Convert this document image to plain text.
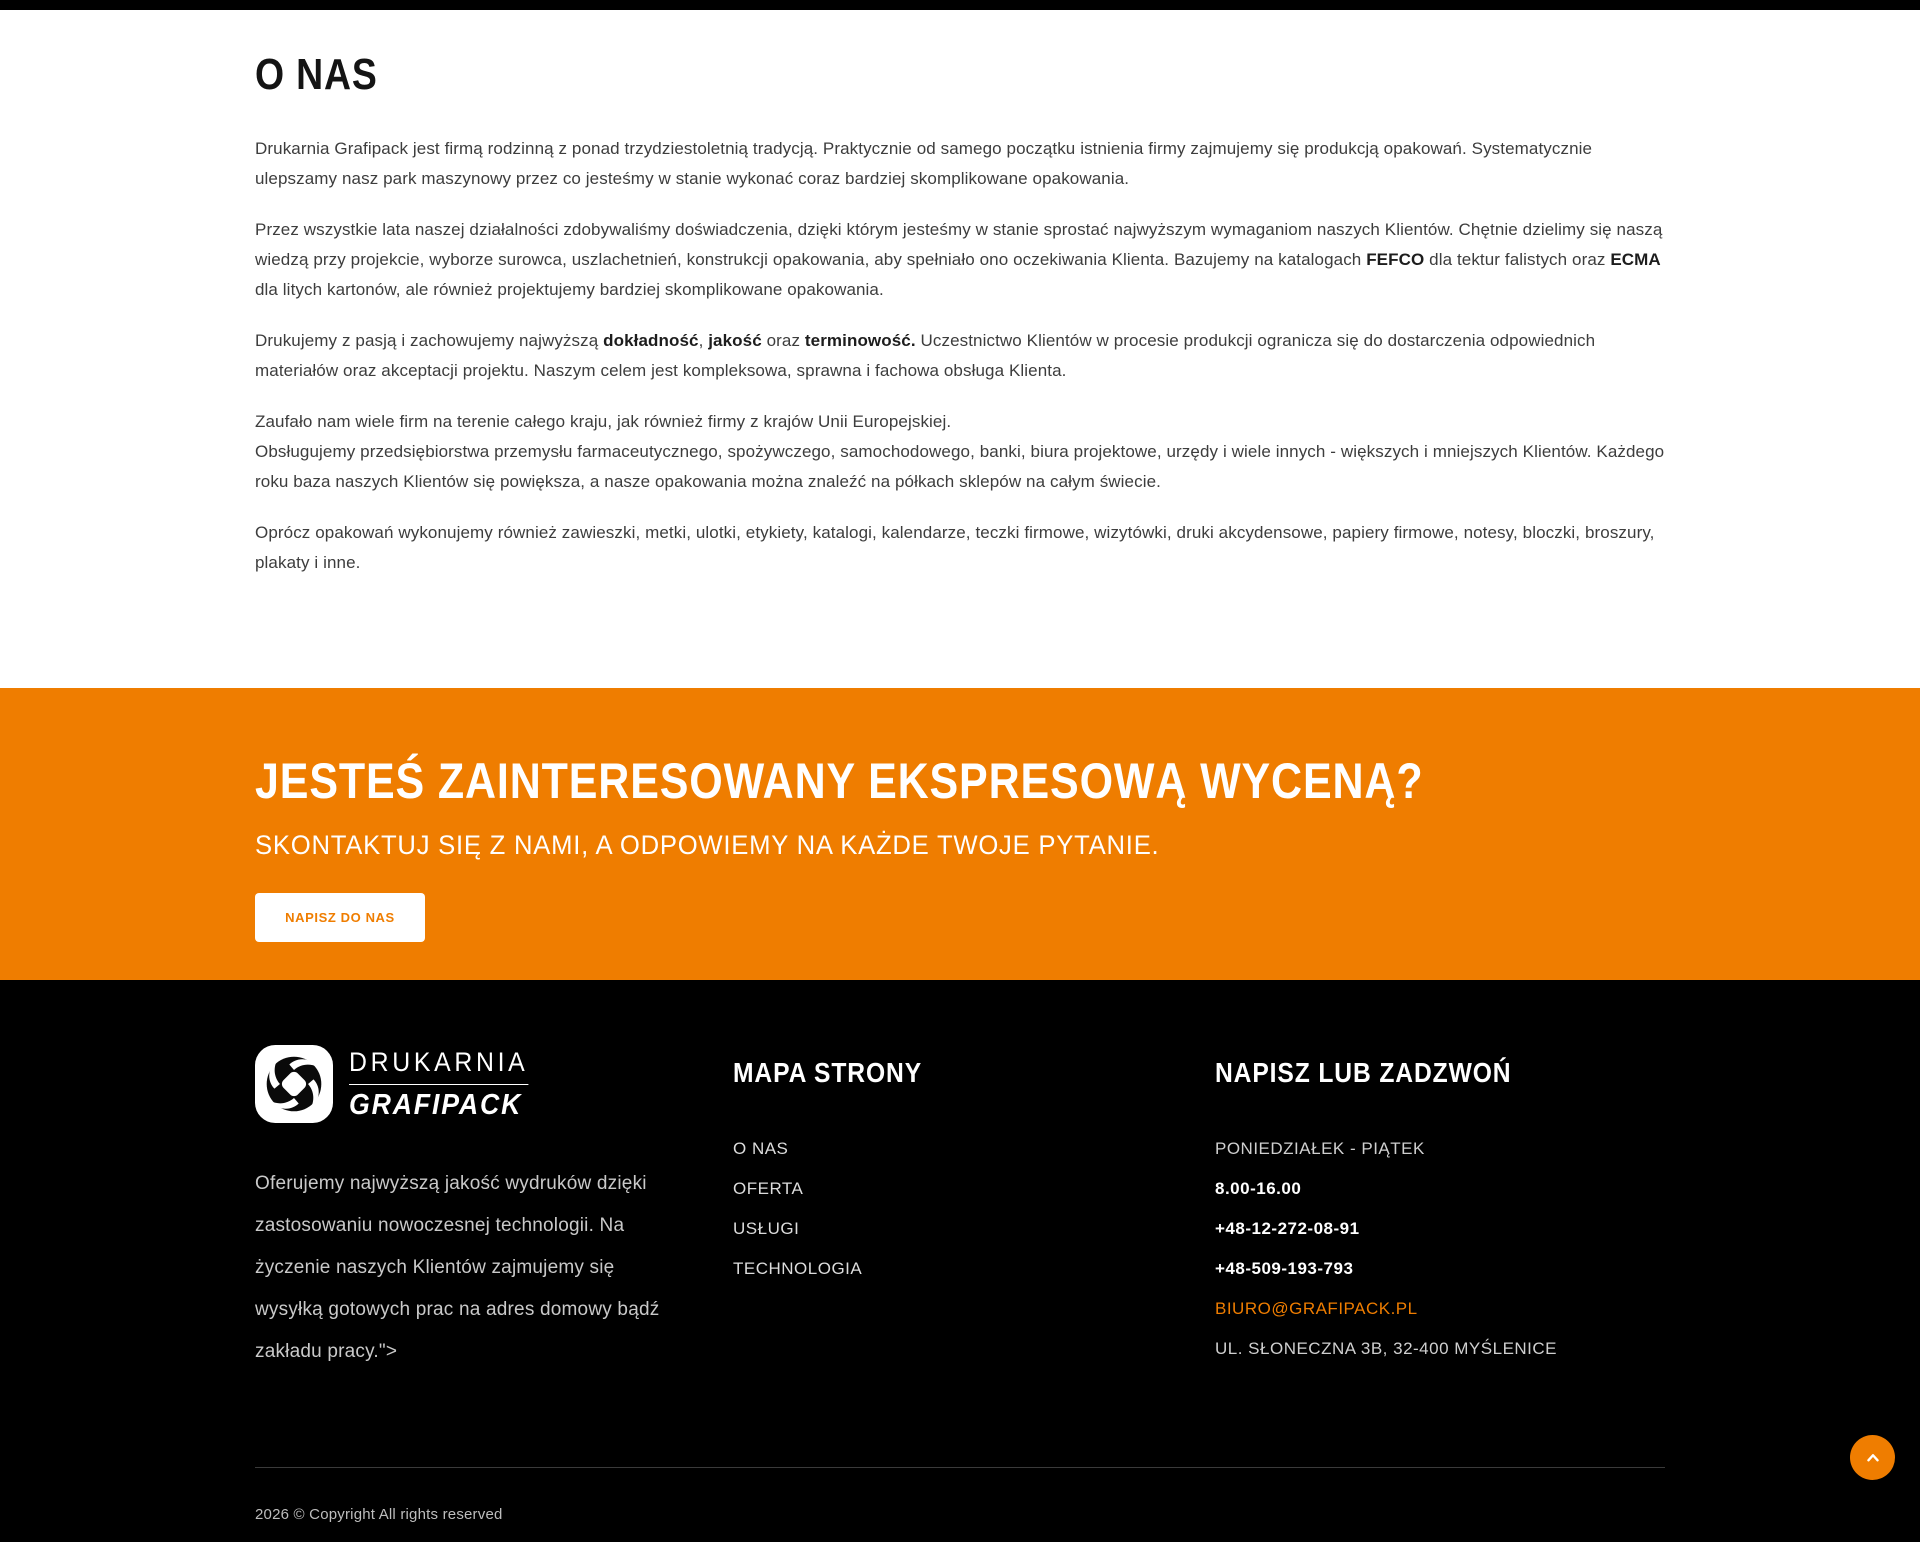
O NAS

Drukarnia Grafipack jest firmą rodzinną z ponad trzydziestoletnią tradycją. Praktycznie od samego początku istnienia firmy zajmujemy się produkcją opakowań. Systematycznie ulepszamy nasz park maszynowy przez co jesteśmy w stanie wykonać coraz bardziej skomplikowane opakowania.

Przez wszystkie lata naszej działalności zdobywaliśmy doświadczenia, dzięki którym jesteśmy w stanie sprostać najwyższym wymaganiom naszych Klientów. Chętnie dzielimy się naszą wiedzą przy projekcie, wyborze surowca, uszlachetnień, konstrukcji opakowania, aby spełniało ono oczekiwania Klienta. Bazujemy na katalogach FEFCO dla tektur falistych oraz ECMA dla litych kartonów, ale również projektujemy bardziej skomplikowane opakowania.

Drukujemy z pasją i zachowujemy najwyższą dokładność, jakość oraz terminowość. Uczestnictwo Klientów w procesie produkcji ogranicza się do dostarczenia odpowiednich materiałów oraz akceptacji projektu. Naszym celem jest kompleksowa, sprawna i fachowa obsługa Klienta.

Zaufało nam wiele firm na terenie całego kraju, jak również firmy z krajów Unii Europejskiej.
Obsługujemy przedsiębiorstwa przemysłu farmaceutycznego, spożywczego, samochodowego, banki, biura projektowe, urzędy i wiele innych - większych i mniejszych Klientów. Każdego roku baza naszych Klientów się powiększa, a nasze opakowania można znaleźć na półkach sklepów na całym świecie.

Oprócz opakowań wykonujemy również zawieszki, metki, ulotki, etykiety, katalogi, kalendarze, teczki firmowe, wizytówki, druki akcydensowe, papiery firmowe, notesy, bloczki, broszury, plakaty i inne.

JESTEŚ ZAINTERESOWANY EKSPRESOWĄ WYCENĄ?
SKONTAKTUJ SIĘ Z NAMI, A ODPOWIEMY NA KAŻDE TWOJE PYTANIE.
NAPISZ DO NAS
DRUKARNIA
GRAFIPACK

Oferujemy najwyższą jakość wydruków dzięki zastosowaniu nowoczesnej technologii. Na życzenie naszych Klientów zajmujemy się wysyłką gotowych prac na adres domowy bądź zakładu pracy.">

MAPA STRONY
O NAS
OFERTA
USŁUGI
TECHNOLOGIA
NAPISZ LUB ZADZWOŃ
PONIEDZIAŁEK - PIĄTEK
8.00-16.00
+48-12-272-08-91
+48-509-193-793
BIURO@GRAFIPACK.PL
UL. SŁONECZNA 3B, 32-400 MYŚLENICE
2026 © Copyright All rights reserved
